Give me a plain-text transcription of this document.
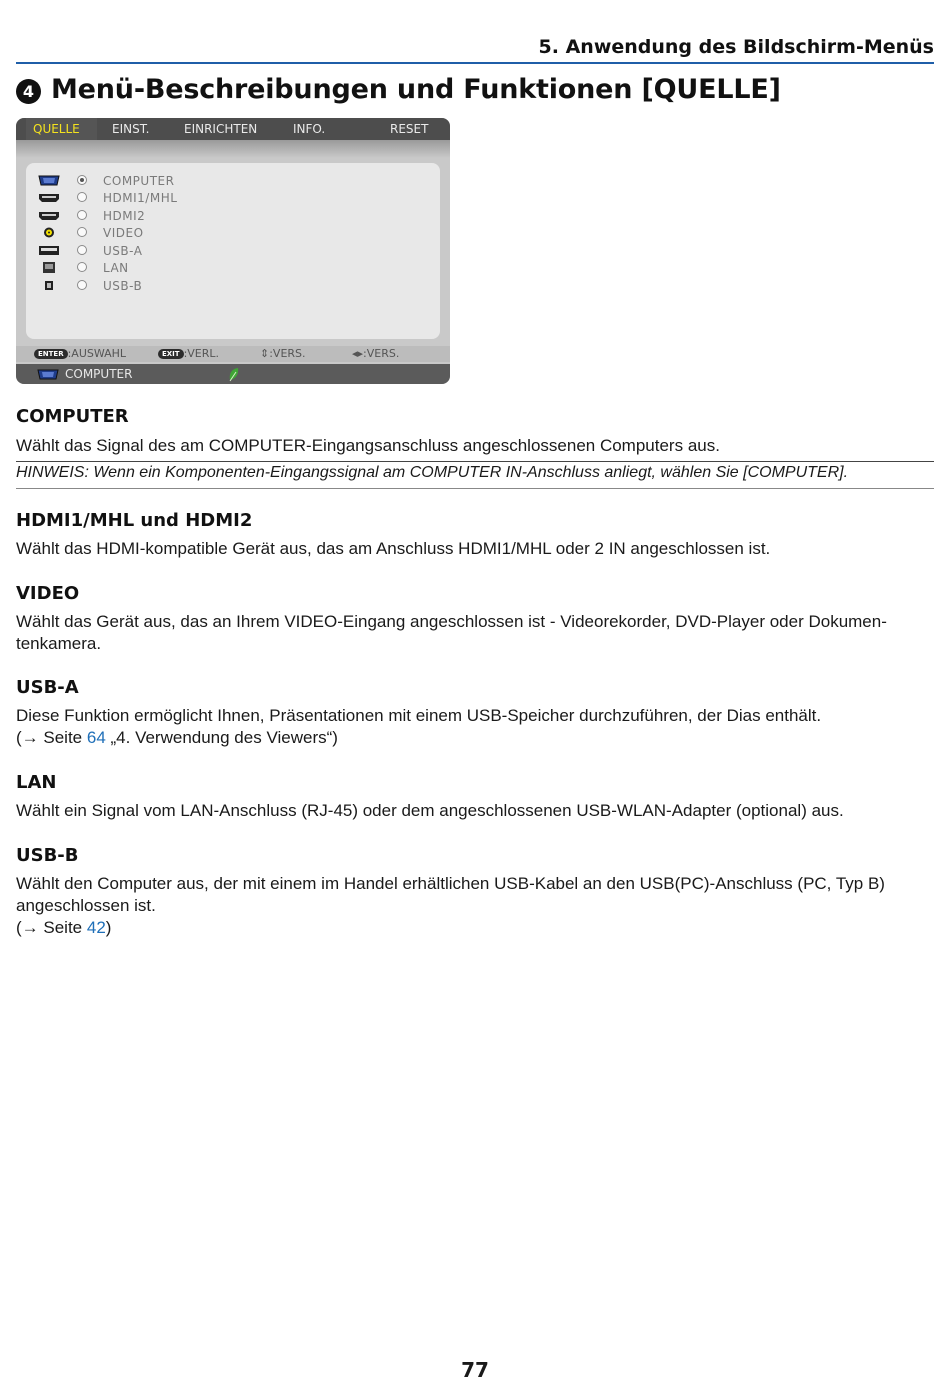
5. Anwendung des Bildschirm-Menüs
4 Menü-Beschreibungen und Funktionen [QUELLE]
QUELLE	EINST.	EINRICHTEN	INFO.	RESET
COMPUTER
HDMI1/MHL
HDMI2
VIDEO
USB-A
LAN
USB-B
ENTER :AUSWAHL	EXIT :VERL.	⇕:VERS.	◂▸:VERS.
COMPUTER
COMPUTER
Wählt das Signal des am COMPUTER-Eingangsanschluss angeschlossenen Computers aus.
HINWEIS: Wenn ein Komponenten-Eingangssignal am COMPUTER IN-Anschluss anliegt, wählen Sie [COMPUTER].
HDMI1/MHL und HDMI2
Wählt das HDMI-kompatible Gerät aus, das am Anschluss HDMI1/MHL oder 2 IN angeschlossen ist.
VIDEO
Wählt das Gerät aus, das an Ihrem VIDEO-Eingang angeschlossen ist - Videorekorder, DVD-Player oder Dokumen-
tenkamera.
USB-A
Diese Funktion ermöglicht Ihnen, Präsentationen mit einem USB-Speicher durchzuführen, der Dias enthält.
(→ Seite 64 „4. Verwendung des Viewers“)
LAN
Wählt ein Signal vom LAN-Anschluss (RJ-45) oder dem angeschlossenen USB-WLAN-Adapter (optional) aus.
USB-B
Wählt den Computer aus, der mit einem im Handel erhältlichen USB-Kabel an den USB(PC)-Anschluss (PC, Typ B)
angeschlossen ist.
(→ Seite 42)
77
